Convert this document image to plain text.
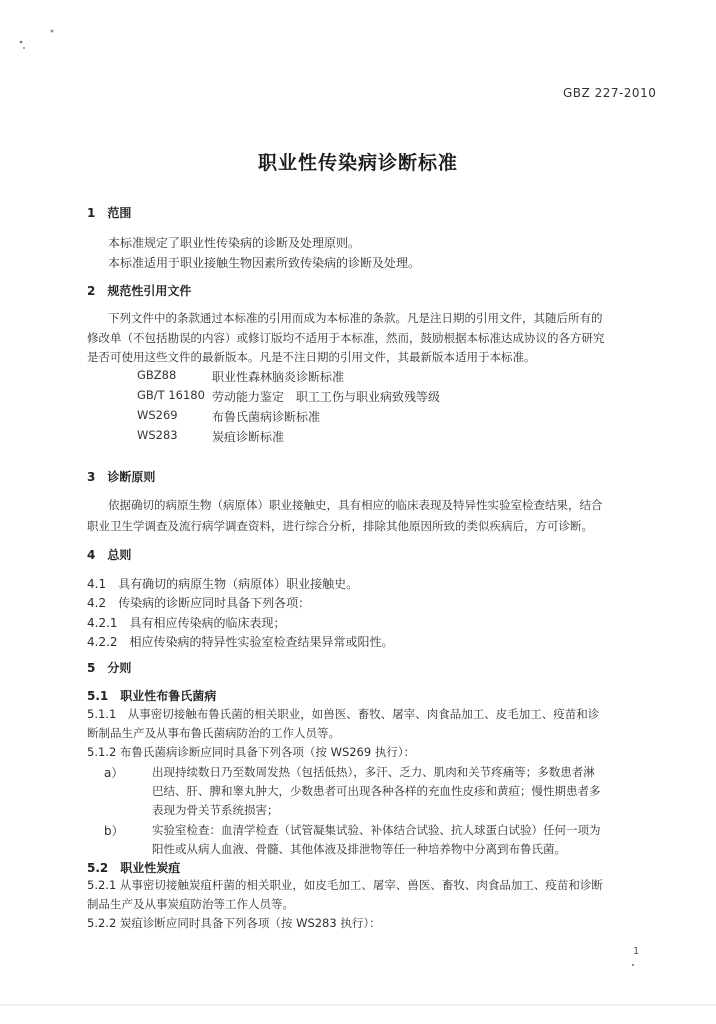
GBZ 227-2010
职业性传染病诊断标准
1　范围
本标准规定了职业性传染病的诊断及处理原则。
本标准适用于职业接触生物因素所致传染病的诊断及处理。
2　规范性引用文件
下列文件中的条款通过本标准的引用而成为本标准的条款。凡是注日期的引用文件，其随后所有的
修改单（不包括勘误的内容）或修订版均不适用于本标准，然而，鼓励根据本标准达成协议的各方研究
是否可使用这些文件的最新版本。凡是不注日期的引用文件，其最新版本适用于本标准。
GBZ88	职业性森林脑炎诊断标准
GB/T 16180 劳动能力鉴定　职工工伤与职业病致残等级
WS269	布鲁氏菌病诊断标准
WS283	炭疽诊断标准
3　诊断原则
依据确切的病原生物（病原体）职业接触史，具有相应的临床表现及特异性实验室检查结果，结合
职业卫生学调查及流行病学调查资料，进行综合分析，排除其他原因所致的类似疾病后，方可诊断。
4　总则
4.1　具有确切的病原生物（病原体）职业接触史。
4.2　传染病的诊断应同时具备下列各项：
4.2.1　具有相应传染病的临床表现；
4.2.2　相应传染病的特异性实验室检查结果异常或阳性。
5　分则
5.1　职业性布鲁氏菌病
5.1.1　从事密切接触布鲁氏菌的相关职业，如兽医、畜牧、屠宰、肉食品加工、皮毛加工、疫苗和诊
断制品生产及从事布鲁氏菌病防治的工作人员等。
5.1.2 布鲁氏菌病诊断应同时具备下列各项（按 WS269 执行）：
a） 出现持续数日乃至数周发热（包括低热），多汗、乏力、肌肉和关节疼痛等；多数患者淋
巴结、肝、脾和睾丸肿大，少数患者可出现各种各样的充血性皮疹和黄疸；慢性期患者多
表现为骨关节系统损害；
b） 实验室检查：血清学检查（试管凝集试验、补体结合试验、抗人球蛋白试验）任何一项为
阳性或从病人血液、骨髓、其他体液及排泄物等任一种培养物中分离到布鲁氏菌。
5.2　职业性炭疽
5.2.1 从事密切接触炭疽杆菌的相关职业，如皮毛加工、屠宰、兽医、畜牧、肉食品加工、疫苗和诊断
制品生产及从事炭疽防治等工作人员等。
5.2.2 炭疽诊断应同时具备下列各项（按 WS283 执行）：
1
